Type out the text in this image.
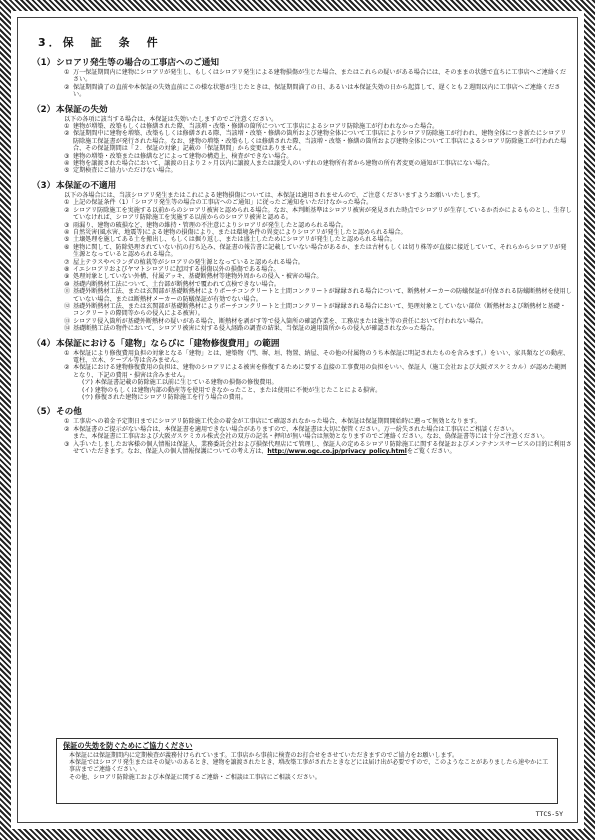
3．保　証　条　件
（1）シロアリ発生等の場合の工事店へのご通知
① 万一保証期間内に建物にシロアリが発生し、もしくはシロアリ発生による建物損傷が生じた場合、またはこれらの疑いがある場合には、そのままの状態で直ちに工事店へご連絡ください。
② 保証期間満了の直前や本保証の失効直前にこの様な状態が生じたときは、保証期間満了の日、あるいは本保証失効の日から起算して、遅くとも２週間以内に工事店へご連絡ください。
（2）本保証の失効
以下の各項に該当する場合は、本保証は失効いたしますのでご注意ください。
① 建物が増築、改築もしくは修繕された際、当該増・改築・修繕の箇所について工事店によるシロアリ防除施工が行われなかった場合。
② 保証期間中に建物を増築、改築もしくは修繕される際、当該増・改築・修繕の箇所および建物全体について工事店によりシロアリ防除施工が行われ、建物全体につき新たにシロアリ防除施工保証書が発行された場合。なお、建物の増築・改築もしくは修繕された際、当該増・改築・修繕の箇所および建物全体について工事店によるシロアリ防除施工が行われた場合、その保証期間は「２．保証の対象」記載の「保証期間」から変更はありません。
③ 建物の増築・改築または修繕などによって建物の構造上、検査ができない場合。
④ 建物を譲渡された場合において、譲渡の日より２ヶ月以内に譲渡人または譲受人のいずれの建物所有者から建物の所有者変更の通知が工事店にない場合。
⑤ 定期検査にご協力いただけない場合。
（3）本保証の不適用
以下の各場合には、当該シロアリ発生またはこれによる建物損傷については、本保証は適用されませんので、ご注意くださいますようお願いいたします。
① 上記の保証条件（1）「シロアリ発生等の場合の工事店へのご通知」に従ったご通知をいただけなかった場合。
② シロアリ防除施工を実施する以前からのシロアリ被害と認められる場合。なお、本判断基準はシロアリ被害が発見された時点でシロアリが生存しているか否かによるものとし、生存していなければ、シロアリ防除施工を実施する以前からのシロアリ被害と認める。
③ 雨漏り、建物の破損など、建物の維持・管理の不注意によりシロアリが発生したと認められる場合。
④ 自然災害(風水害、地震等)による建物の損傷により、または環境条件の異変によりシロアリが発生したと認められる場合。
⑤ 土壌処理を施してある土を搬出し、もしくは掘り返し、または盛土したためにシロアリが発生したと認められる場合。
⑥ 建物に関して、防除処理されていない抗の打ち込み、保証書の報告書に記載していない場合があるか、または古材もしくは切り株等が直接に接近していて、それらからシロアリが発生源となっていると認められる場合。
⑦ 屋上テラスやベランダの植栽等がシロアリの発生源となっていると認められる場合。
⑧ イエシロアリおよびヤマトシロアリに起因する損傷以外の損傷である場合。
⑨ 処理対象としていない外構、付属デッキ、基礎断熱材等建物外周からの侵入・被害の場合。
⑩ 基礎内断熱材工法について、土台部が断熱材で覆われて点検できない場合。
⑪ 基礎外断熱材工法、または玄関部が基礎断熱材によりポーチコンクリートと土間コンクリートが縁縁される場合について、断熱材メーカーの防蟻保証が付保される防蟻断熱材を使用していない場合、または断熱材メーカーの防蟻保証が有効でない場合。
⑫ 基礎外断熱材工法、または玄関部が基礎断熱材によりポーチコンクリートと土間コンクリートが縁縁される場合において、処理対象としていない部位（断熱材および断熱材と基礎・コンクリートの際間等からの侵入による被害）。
⑬ シロアリ侵入箇所が基礎外断熱材の疑いがある場合、断熱材を剥がす等で侵入箇所の確認作業を、工務店または施主等の責任において行われない場合。
⑭ 基礎断熱工法の物件において、シロアリ被害に対する侵入経路の調査の結果、当保証の適用箇所からの侵入が確認されなかった場合。
（4）本保証における「建物」ならびに「建物修復費用」の範囲
① 本保証により修復費用負担の対象となる「建物」とは、建築物（門、塀、垣、物置、納屋、その他の付属物のうち本保証に明記されたものを含みます。）をいい、家具類などの動産、電柱、立木、ケーブル等は含みません。
② 本保証における建物修復費用の負担は、建物のシロアリによる被害を修復するために要する直接の工事費用の負担をいい、保証人（施工会社および大阪ガスケミカル）が認めた範囲となり、下記の費用・損害は含みません。
(ア) 本保証書記載の防除施工以前に生じている建物の損傷の修復費用。
(イ) 建物のもしくは建物内部の動産等を使用できなかったこと、または使用に不便が生じたことによる損害。
(ウ) 修復された建物にシロアリ防除施工を行う場合の費用。
（5）その他
① 工事店への着金予定期日までにシロアリ防除施工代金の着金が工事店にて確認されなかった場合、本保証は保証期間開始時に遡って無効となります。
② 本保証書のご提示がない場合は、本保証書を適用できない場合がありますので、本保証書は大切に保管ください。万一紛失された場合は工事店にご相談ください。
また、本保証書に工事店および大阪ガスケミカル株式会社の双方の記名・押印が無い場合は無効となりますのでご連絡ください。なお、偽保証書等には十分ご注意ください。
③ 入手いたしましたお客様の個人情報は保証人、業務委託会社および損保代理店にて管理し、保証人の定めるシロアリ防除施工に関する保証およびメンテナンスサービスの目的に利用させていただきます。なお、保証人の個人情報保護についての考え方は、http://www.ogc.co.jp/privacy_policy.htmlをご覧ください。
保証の失効を防ぐためにご協力ください

本保証には保証期間内に定期検査が義務付けられています。工事店から事前に検査のお打合せをさせていただきますのでご協力をお願いします。

本保証ではシロアリ発生またはその疑いのあるとき、建物を譲渡されたとき、増改築工事がされたときなどには届け出が必要ですので、このようなことがありましたら速やかに工事店までご連絡ください。

その他、シロアリ防除施工および本保証に関するご連絡・ご相談は工事店にご相談ください。

TTCS-5Y
